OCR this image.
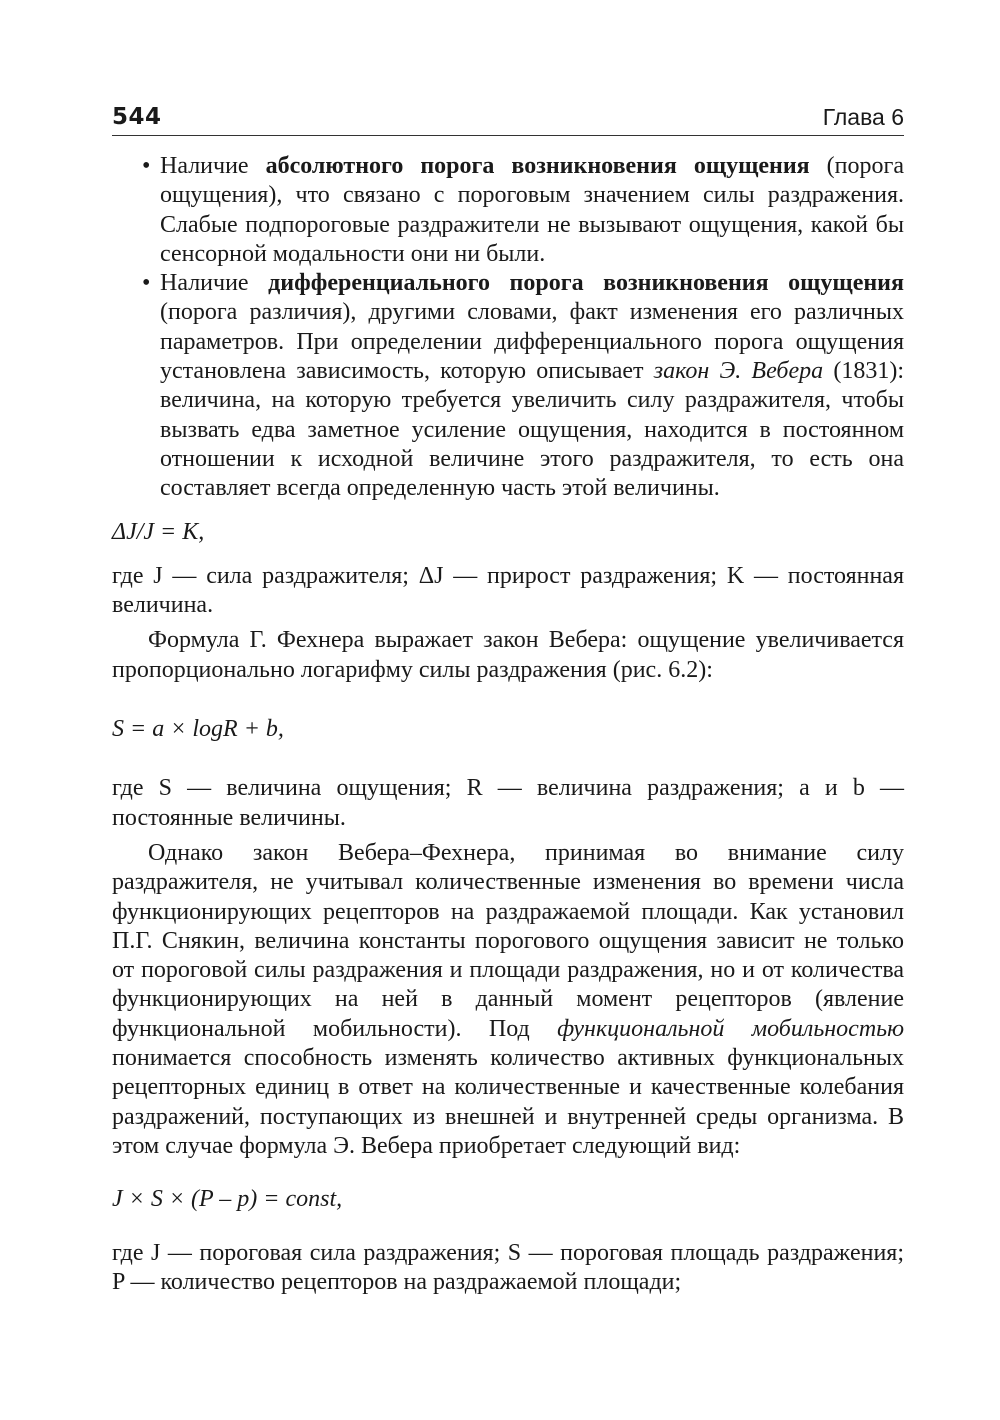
544	Глава 6

• Наличие абсолютного порога возникновения ощущения (порога ощущения), что связано с пороговым значением силы раздражения. Слабые подпороговые раздражители не вызывают ощущения, какой бы сенсорной модальности они ни были.

• Наличие дифференциального порога возникновения ощущения (порога различия), другими словами, факт изменения его различных параметров. При определении дифференциального порога ощущения установлена зависимость, которую описывает закон Э. Вебера (1831): величина, на которую требуется увеличить силу раздражителя, чтобы вызвать едва заметное усиление ощущения, находится в постоянном отношении к исходной величине этого раздражителя, то есть она составляет всегда определенную часть этой величины.

ΔJ/J = K,

где J — сила раздражителя; ΔJ — прирост раздражения; K — постоянная величина.

Формула Г. Фехнера выражает закон Вебера: ощущение увеличивается пропорционально логарифму силы раздражения (рис. 6.2):

S = a × logR + b,

где S — величина ощущения; R — величина раздражения; a и b — постоянные величины.

Однако закон Вебера–Фехнера, принимая во внимание силу раздражителя, не учитывал количественные изменения во времени числа функционирующих рецепторов на раздражаемой площади. Как установил П.Г. Снякин, величина константы порогового ощущения зависит не только от пороговой силы раздражения и площади раздражения, но и от количества функционирующих на ней в данный момент рецепторов (явление функциональной мобильности). Под функциональной мобильностью понимается способность изменять количество активных функциональных рецепторных единиц в ответ на количественные и качественные колебания раздражений, поступающих из внешней и внутренней среды организма. В этом случае формула Э. Вебера приобретает следующий вид:

J × S × (P – p) = const,

где J — пороговая сила раздражения; S — пороговая площадь раздражения; P — количество рецепторов на раздражаемой площади;
